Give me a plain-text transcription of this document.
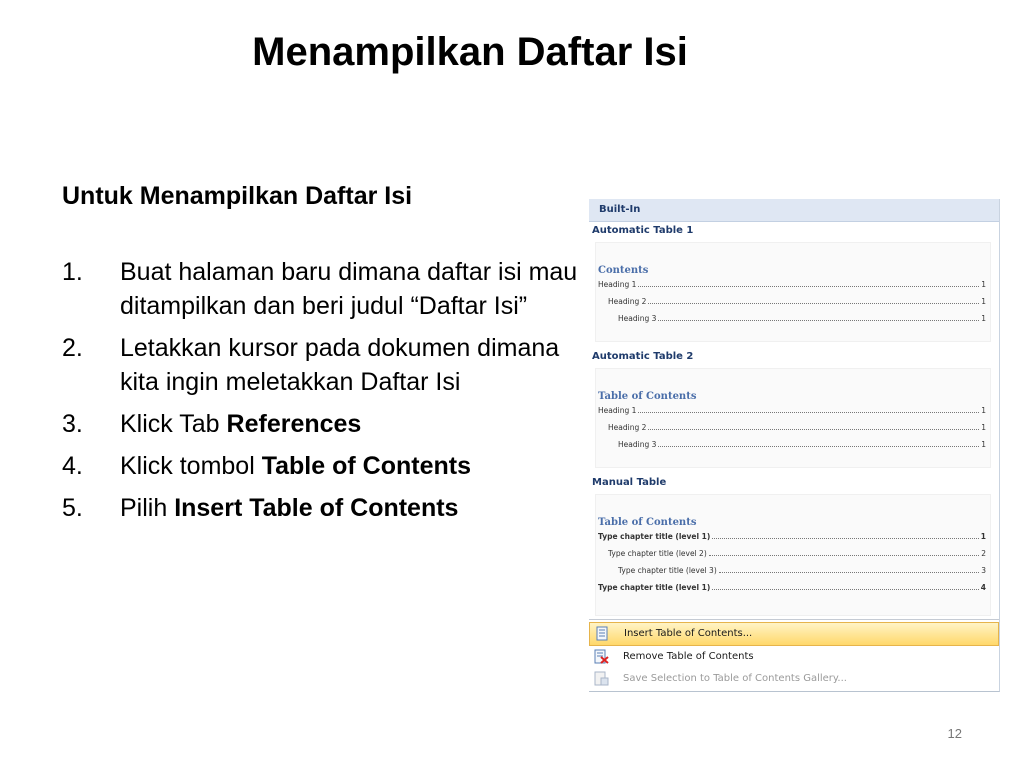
Menampilkan Daftar Isi
Untuk Menampilkan Daftar Isi
1.	Buat halaman baru dimana daftar isi mau ditampilkan dan beri judul “Daftar Isi”
2.	Letakkan kursor pada dokumen dimana kita ingin meletakkan Daftar Isi
3.	Klick Tab References
4.	Klick tombol Table of Contents
5.	Pilih Insert Table of Contents
Built-In
Automatic Table 1
Contents
Heading 1	1
Heading 2	1
Heading 3	1
Automatic Table 2
Table of Contents
Heading 1	1
Heading 2	1
Heading 3	1
Manual Table
Table of Contents
Type chapter title (level 1)	1
Type chapter title (level 2)	2
Type chapter title (level 3)	3
Type chapter title (level 1)	4
Insert Table of Contents...
Remove Table of Contents
Save Selection to Table of Contents Gallery...
12
